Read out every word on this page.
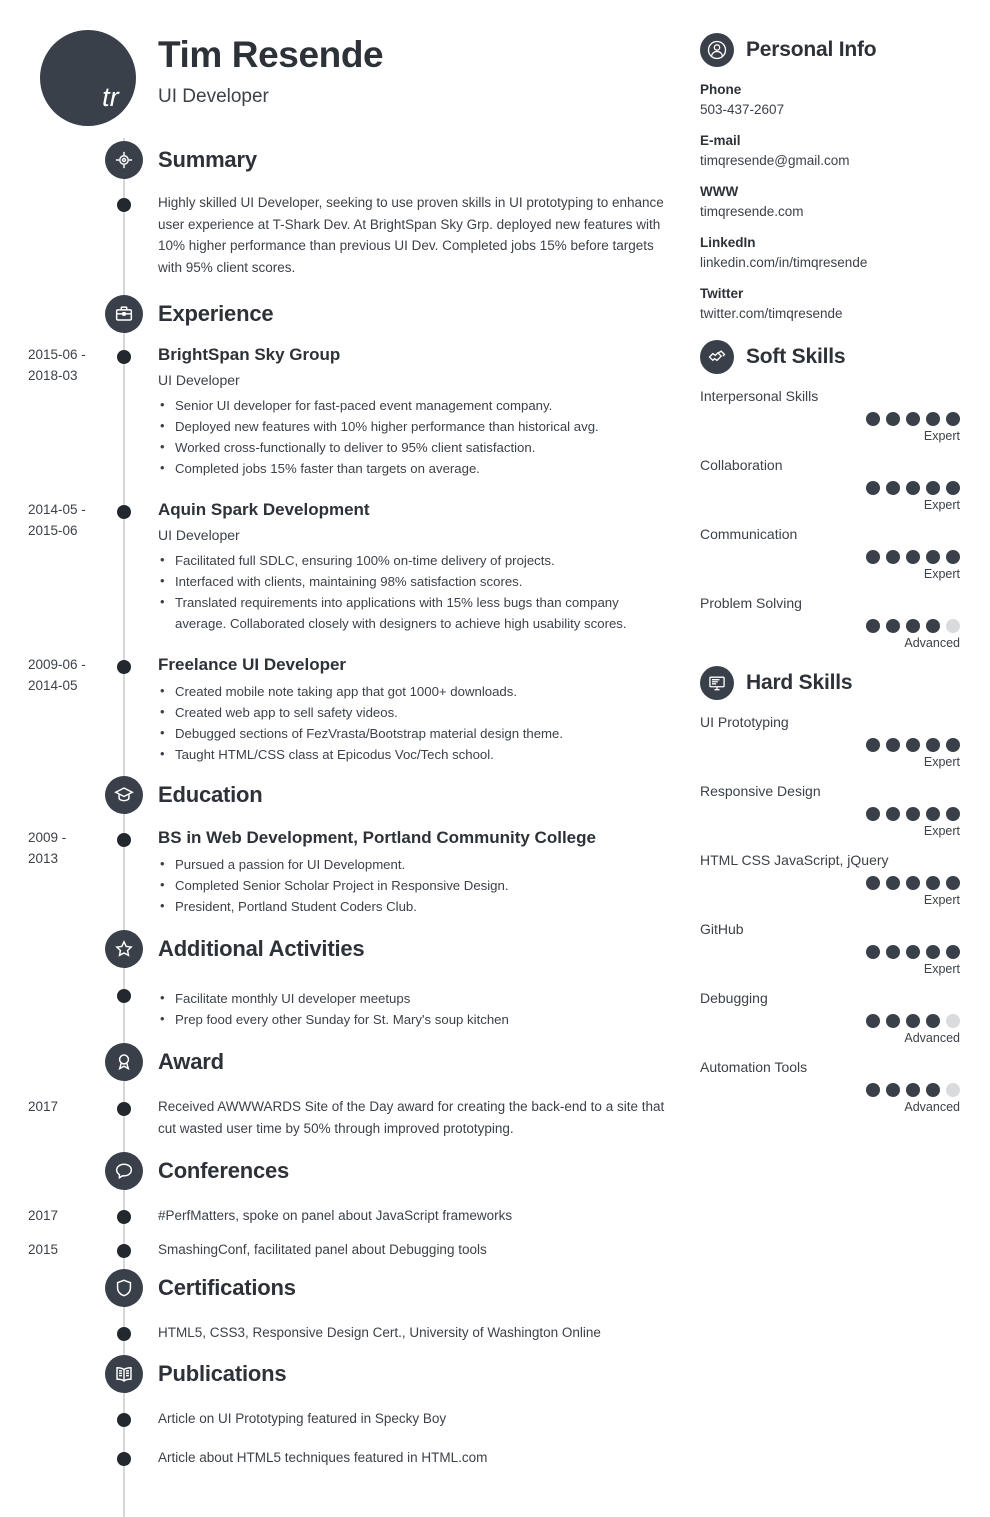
tr
Tim Resende
UI Developer
Summary
Highly skilled UI Developer, seeking to use proven skills in UI prototyping to enhance user experience at T-Shark Dev. At BrightSpan Sky Grp. deployed new features with 10% higher performance than previous UI Dev. Completed jobs 15% before targets with 95% client scores.
Experience
2015-06 -
2018-03
BrightSpan Sky Group
UI Developer
• Senior UI developer for fast-paced event management company.
• Deployed new features with 10% higher performance than historical avg.
• Worked cross-functionally to deliver to 95% client satisfaction.
• Completed jobs 15% faster than targets on average.
2014-05 -
2015-06
Aquin Spark Development
UI Developer
• Facilitated full SDLC, ensuring 100% on-time delivery of projects.
• Interfaced with clients, maintaining 98% satisfaction scores.
• Translated requirements into applications with 15% less bugs than company average. Collaborated closely with designers to achieve high usability scores.
2009-06 -
2014-05
Freelance UI Developer
• Created mobile note taking app that got 1000+ downloads.
• Created web app to sell safety videos.
• Debugged sections of FezVrasta/Bootstrap material design theme.
• Taught HTML/CSS class at Epicodus Voc/Tech school.
Education
2009 -
2013
BS in Web Development, Portland Community College
• Pursued a passion for UI Development.
• Completed Senior Scholar Project in Responsive Design.
• President, Portland Student Coders Club.
Additional Activities
• Facilitate monthly UI developer meetups
• Prep food every other Sunday for St. Mary's soup kitchen
Award
2017	Received AWWWARDS Site of the Day award for creating the back-end to a site that cut wasted user time by 50% through improved prototyping.
Conferences
2017	#PerfMatters, spoke on panel about JavaScript frameworks
2015	SmashingConf, facilitated panel about Debugging tools
Certifications
HTML5, CSS3, Responsive Design Cert., University of Washington Online
Publications
Article on UI Prototyping featured in Specky Boy
Article about HTML5 techniques featured in HTML.com
Personal Info
Phone
503-437-2607
E-mail
timqresende@gmail.com
WWW
timqresende.com
LinkedIn
linkedin.com/in/timqresende
Twitter
twitter.com/timqresende
Soft Skills
Interpersonal Skills
Expert
Collaboration
Expert
Communication
Expert
Problem Solving
Advanced
Hard Skills
UI Prototyping
Expert
Responsive Design
Expert
HTML CSS JavaScript, jQuery
Expert
GitHub
Expert
Debugging
Advanced
Automation Tools
Advanced
